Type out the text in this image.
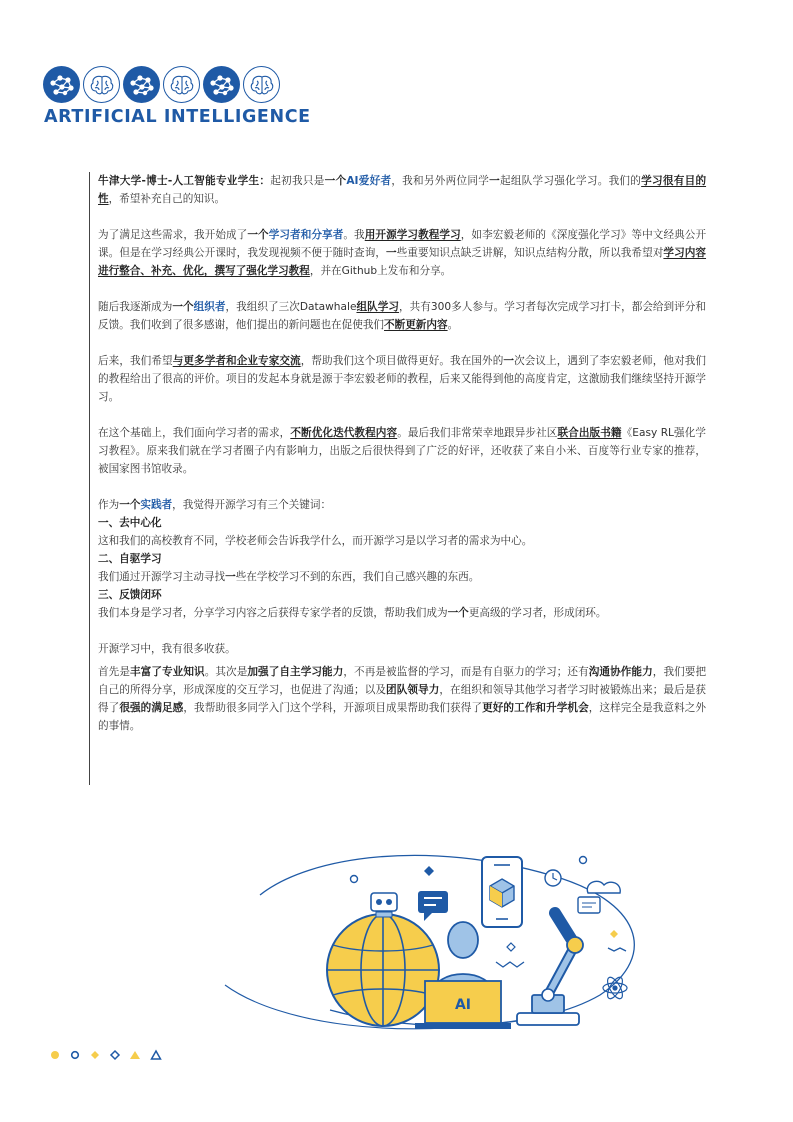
ARTIFICIAL INTELLIGENCE

牛津大学-博士-人工智能专业学生：起初我只是一个AI爱好者，我和另外两位同学一起组队学习强化学习。我们的学习很有目的性，希望补充自己的知识。

为了满足这些需求，我开始成了一个学习者和分享者。我用开源学习教程学习，如李宏毅老师的《深度强化学习》等中文经典公开课。但是在学习经典公开课时，我发现视频不便于随时查询，一些重要知识点缺乏讲解，知识点结构分散，所以我希望对学习内容进行整合、补充、优化，撰写了强化学习教程，并在Github上发布和分享。

随后我逐渐成为一个组织者，我组织了三次Datawhale组队学习，共有300多人参与。学习者每次完成学习打卡，都会给到评分和反馈。我们收到了很多感谢，他们提出的新问题也在促使我们不断更新内容。

后来，我们希望与更多学者和企业专家交流，帮助我们这个项目做得更好。我在国外的一次会议上，遇到了李宏毅老师，他对我们的教程给出了很高的评价。项目的发起本身就是源于李宏毅老师的教程，后来又能得到他的高度肯定，这激励我们继续坚持开源学习。

在这个基础上，我们面向学习者的需求，不断优化迭代教程内容。最后我们非常荣幸地跟异步社区联合出版书籍《Easy RL强化学习教程》。原来我们就在学习者圈子内有影响力，出版之后很快得到了广泛的好评，还收获了来自小米、百度等行业专家的推荐，被国家图书馆收录。

作为一个实践者，我觉得开源学习有三个关键词：

一、去中心化

这和我们的高校教育不同，学校老师会告诉我学什么，而开源学习是以学习者的需求为中心。

二、自驱学习

我们通过开源学习主动寻找一些在学校学习不到的东西，我们自己感兴趣的东西。

三、反馈闭环

我们本身是学习者，分享学习内容之后获得专家学者的反馈，帮助我们成为一个更高级的学习者，形成闭环。

开源学习中，我有很多收获。

首先是丰富了专业知识。其次是加强了自主学习能力，不再是被监督的学习，而是有自驱力的学习；还有沟通协作能力，我们要把自己的所得分享，形成深度的交互学习，也促进了沟通；以及团队领导力，在组织和领导其他学习者学习时被锻炼出来；最后是获得了很强的满足感，我帮助很多同学入门这个学科，开源项目成果帮助我们获得了更好的工作和升学机会，这样完全是我意料之外的事情。

AI
